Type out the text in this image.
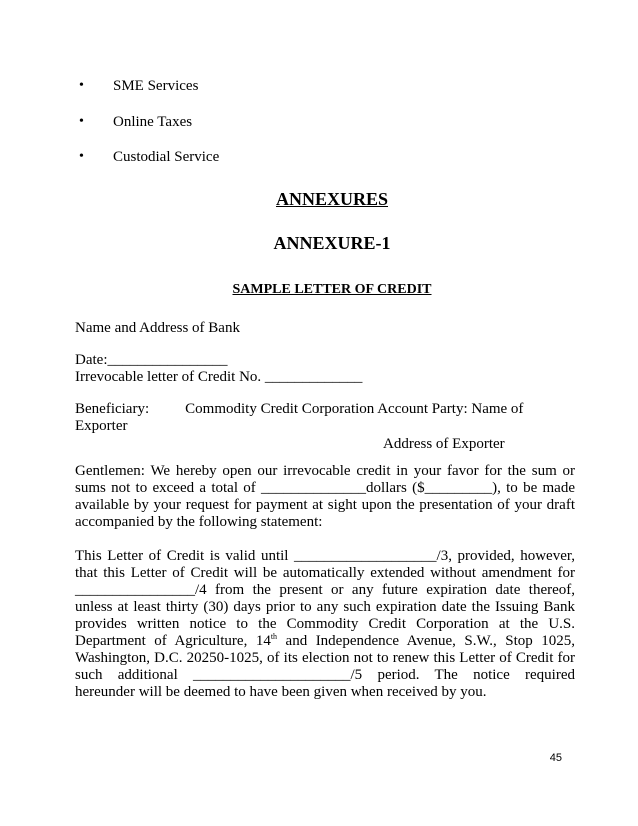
• SME Services
• Online Taxes
• Custodial Service
ANNEXURES
ANNEXURE-1
SAMPLE LETTER OF CREDIT
Name and Address of Bank
Date:________________
Irrevocable letter of Credit No. _____________
Beneficiary: Commodity Credit Corporation Account Party: Name of
Exporter
Address of Exporter
Gentlemen: We hereby open our irrevocable credit in your favor for the sum or
sums not to exceed a total of ______________dollars ($_________), to be made
available by your request for payment at sight upon the presentation of your draft
accompanied by the following statement:
This Letter of Credit is valid until ___________________/3, provided, however,
that this Letter of Credit will be automatically extended without amendment for
________________/4 from the present or any future expiration date thereof,
unless at least thirty (30) days prior to any such expiration date the Issuing Bank
provides written notice to the Commodity Credit Corporation at the U.S.
Department of Agriculture, 14th and Independence Avenue, S.W., Stop 1025,
Washington, D.C. 20250-1025, of its election not to renew this Letter of Credit for
such additional _____________________/5 period. The notice required
hereunder will be deemed to have been given when received by you.
45
